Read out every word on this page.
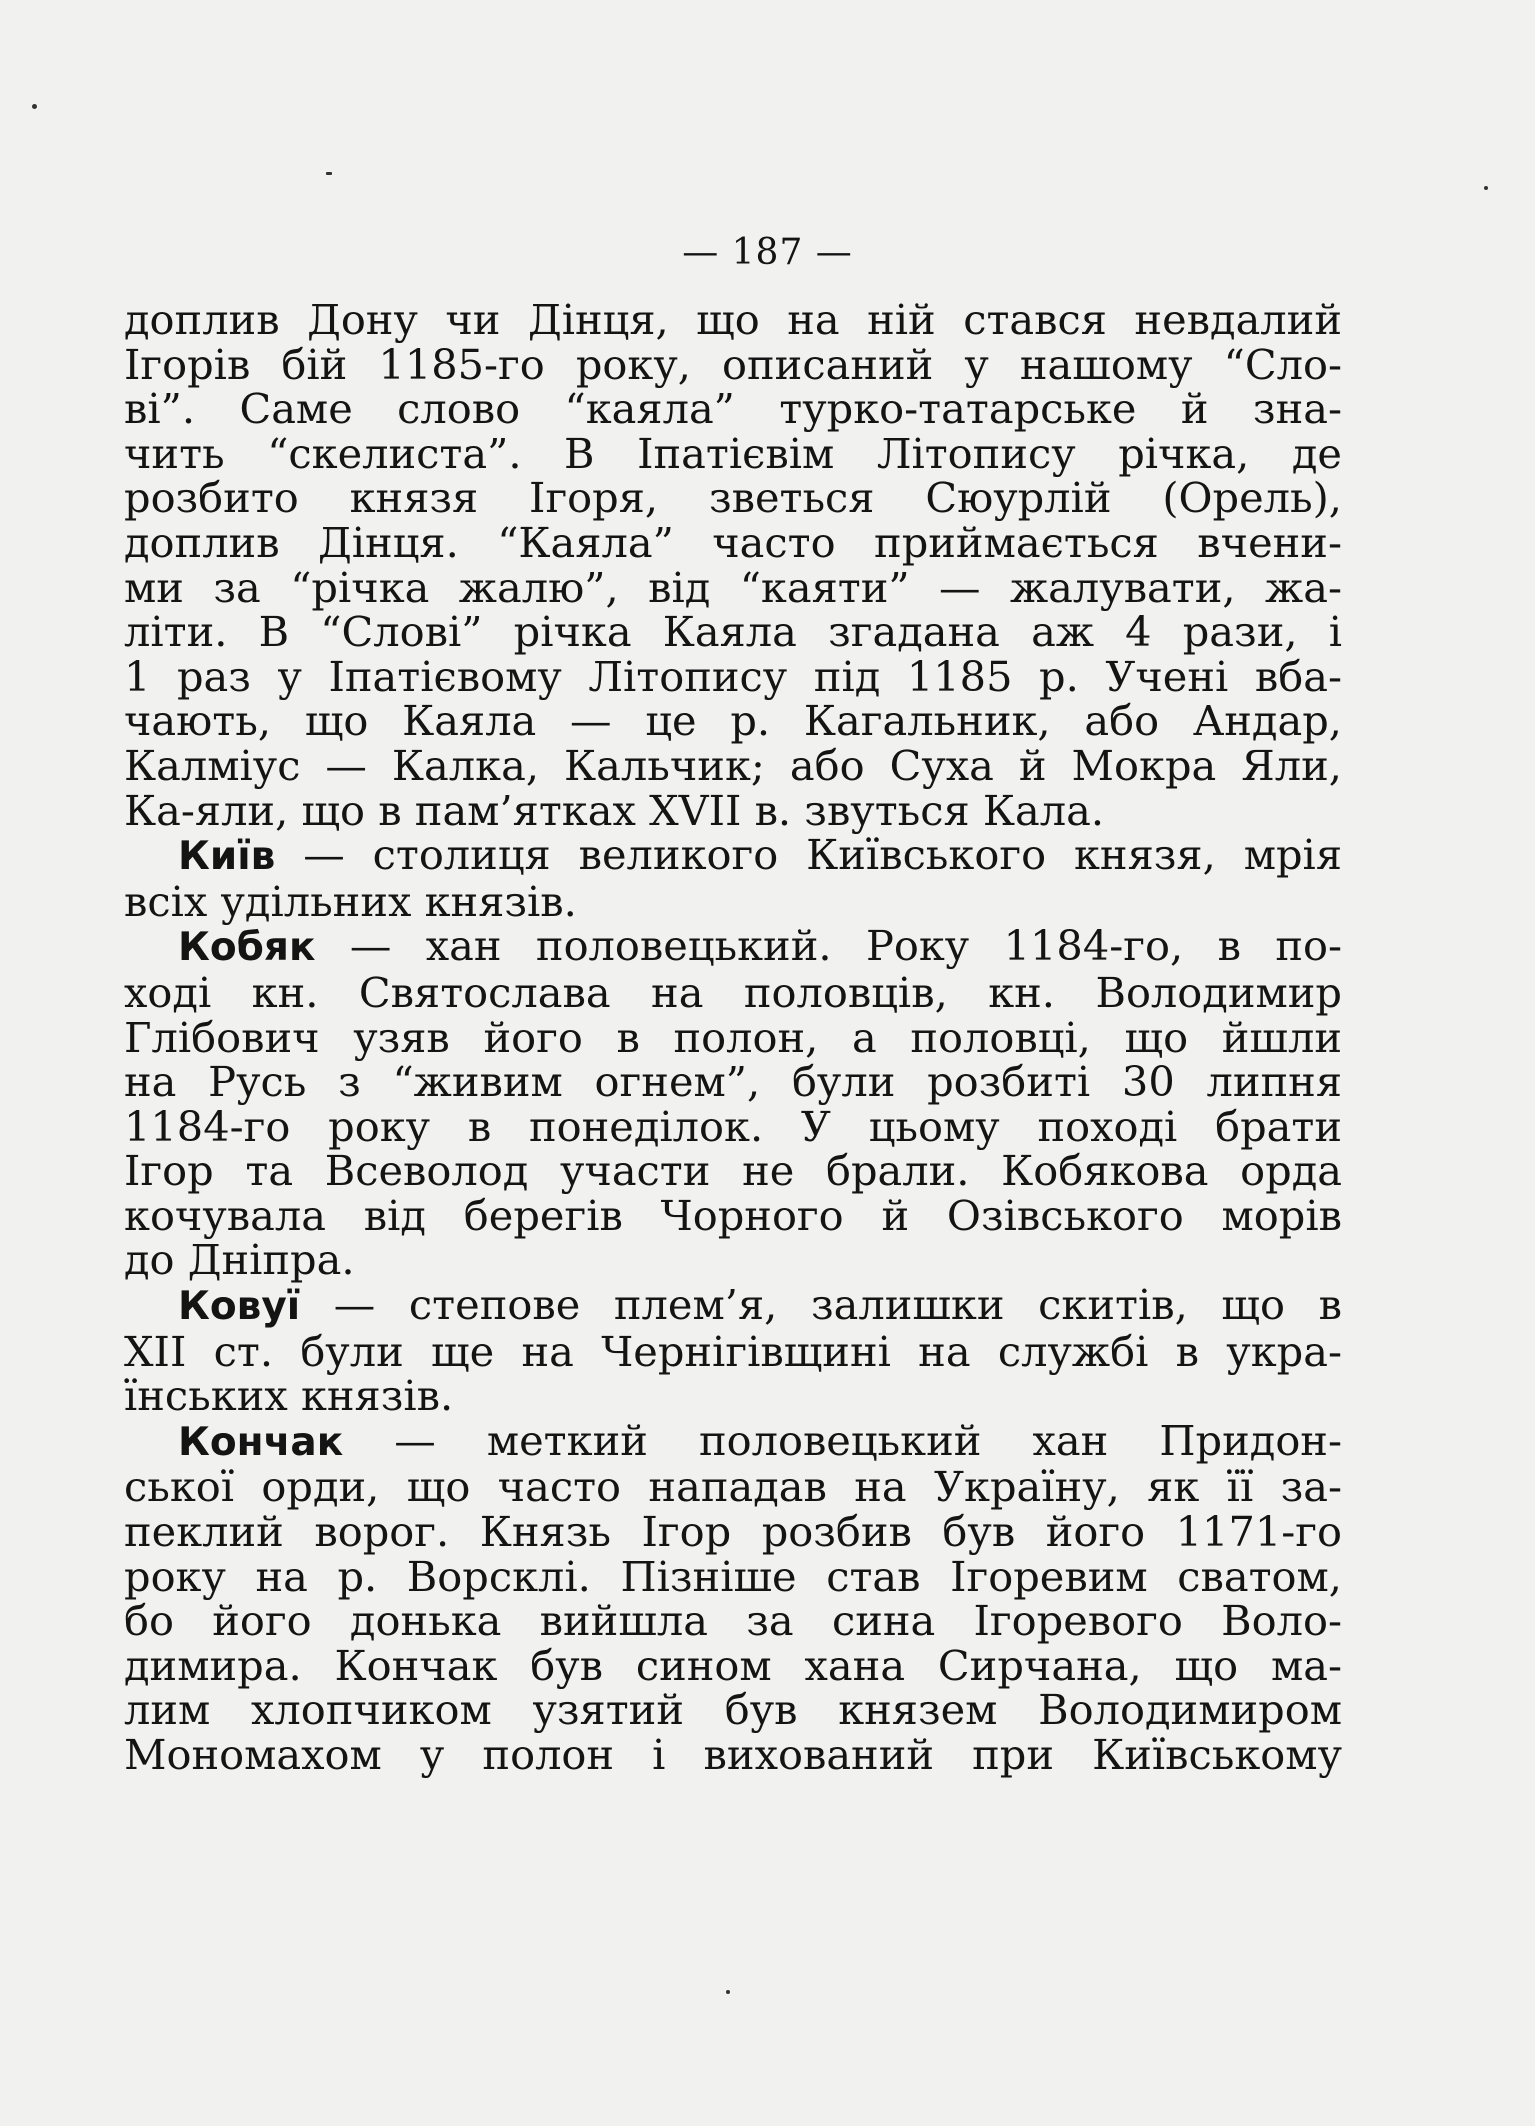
— 187 —
доплив Дону чи Дінця, що на ній стався невдалий
Ігорів бій 1185-го року, описаний у нашому “Сло-
ві”. Саме слово “каяла” турко-татарське й зна-
чить “скелиста”. В Іпатієвім Літопису річка, де
розбито князя Ігоря, зветься Сюурлій (Орель),
доплив Дінця. “Каяла” часто приймається вчени-
ми за “річка жалю”, від “каяти” — жалувати, жа-
літи. В “Слові” річка Каяла згадана аж 4 рази, і
1 раз у Іпатієвому Літопису під 1185 р. Учені вба-
чають, що Каяла — це р. Кагальник, або Андар,
Калміус — Калка, Кальчик; або Суха й Мокра Яли,
Ка-яли, що в пам’ятках XVII в. звуться Кала.
Київ — столиця великого Київського князя, мрія
всіх удільних князів.
Кобяк — хан половецький. Року 1184-го, в по-
ході кн. Святослава на половців, кн. Володимир
Глібович узяв його в полон, а половці, що йшли
на Русь з “живим огнем”, були розбиті 30 липня
1184-го року в понеділок. У цьому поході брати
Ігор та Всеволод участи не брали. Кобякова орда
кочувала від берегів Чорного й Озівського морів
до Дніпра.
Ковуї — степове плем’я, залишки скитів, що в
XII ст. були ще на Чернігівщині на службі в укра-
їнських князів.
Кончак — меткий половецький хан Придон-
ської орди, що часто нападав на Україну, як її за-
пеклий ворог. Князь Ігор розбив був його 1171-го
року на р. Ворсклі. Пізніше став Ігоревим сватом,
бо його донька вийшла за сина Ігоревого Воло-
димира. Кончак був сином хана Сирчана, що ма-
лим хлопчиком узятий був князем Володимиром
Мономахом у полон і вихований при Київському
